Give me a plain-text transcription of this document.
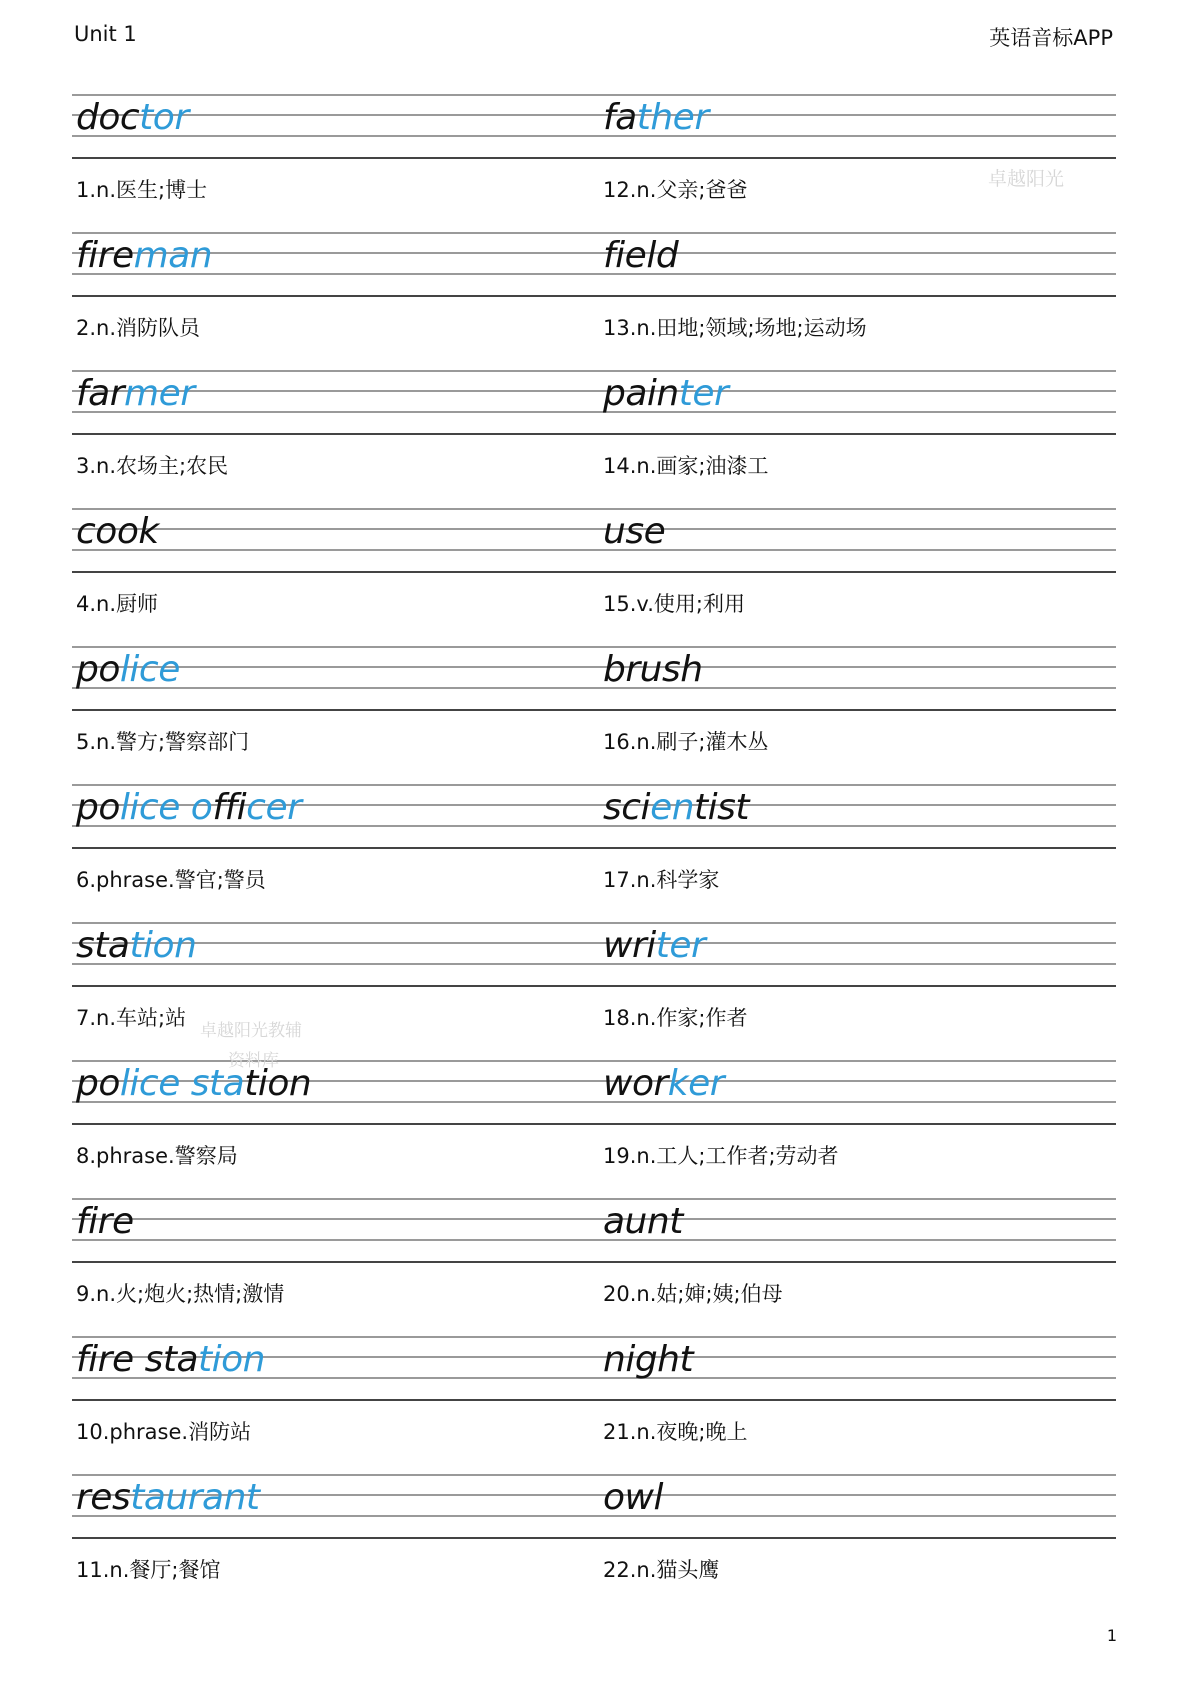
Unit 1	英语音标APP
doctor
1.n.医生;博士
father
12.n.父亲;爸爸
fireman
2.n.消防队员
field
13.n.田地;领域;场地;运动场
farmer
3.n.农场主;农民
painter
14.n.画家;油漆工
cook
4.n.厨师
use
15.v.使用;利用
police
5.n.警方;警察部门
brush
16.n.刷子;灌木丛
police officer
6.phrase.警官;警员
scientist
17.n.科学家
station
7.n.车站;站
writer
18.n.作家;作者
police station
8.phrase.警察局
worker
19.n.工人;工作者;劳动者
fire
9.n.火;炮火;热情;激情
aunt
20.n.姑;婶;姨;伯母
fire station
10.phrase.消防站
night
21.n.夜晚;晚上
restaurant
11.n.餐厅;餐馆
owl
22.n.猫头鹰
卓越阳光
卓越阳光教辅
资料库
1
